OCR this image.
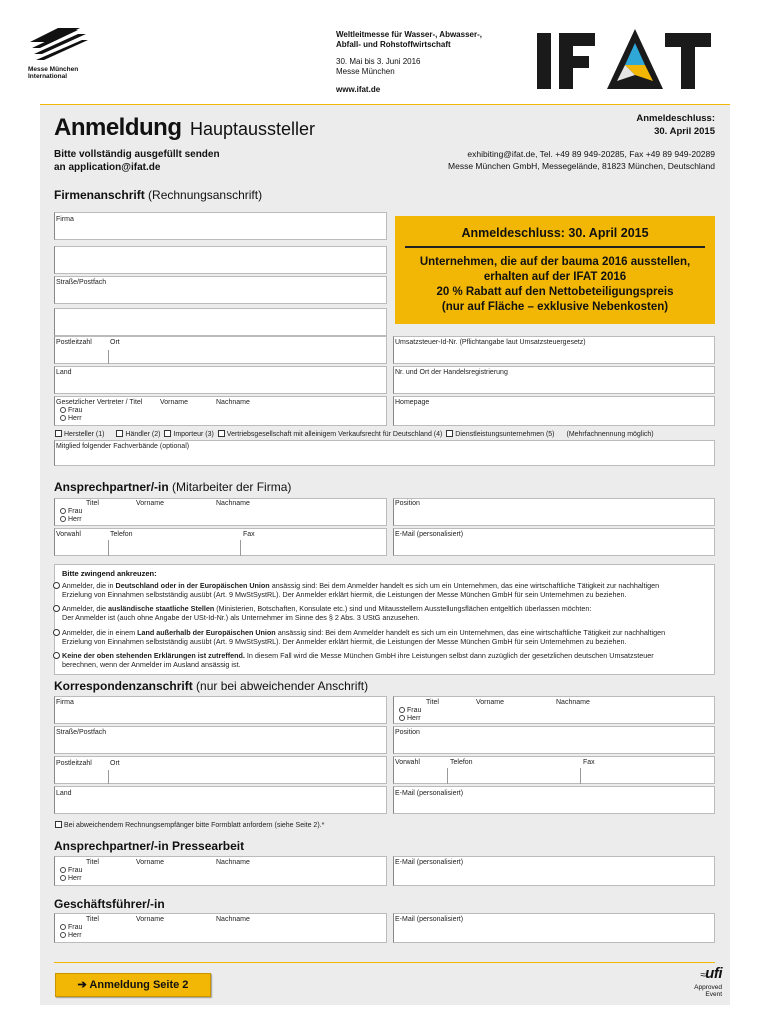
Messe München
International
Weltleitmesse für Wasser-, Abwasser-,
Abfall- und Rohstoffwirtschaft
30. Mai bis 3. Juni 2016
Messe München
www.ifat.de
Anmeldung Hauptaussteller
Anmeldeschluss:
30. April 2015
Bitte vollständig ausgefüllt senden
an application@ifat.de
exhibiting@ifat.de, Tel. +49 89 949-20285, Fax +49 89 949-20289
Messe München GmbH, Messegelände, 81823 München, Deutschland
Firmenanschrift (Rechnungsanschrift)
Firma
Straße/Postfach
Anmeldeschluss: 30. April 2015
Unternehmen, die auf der bauma 2016 ausstellen,
erhalten auf der IFAT 2016
20 % Rabatt auf den Nettobeteiligungspreis
(nur auf Fläche – exklusive Nebenkosten)
Postleitzahl	Ort	Umsatzsteuer-Id-Nr. (Pflichtangabe laut Umsatzsteuergesetz)
Land	Nr. und Ort der Handelsregistrierung
Gesetzlicher Vertreter / Titel	Vorname	Nachname
Frau
Herr
Homepage
Hersteller (1)	Händler (2) Importeur (3) Vertriebsgesellschaft mit alleinigem Verkaufsrecht für Deutschland (4) Dienstleistungsunternehmen (5) (Mehrfachnennung möglich)
Mitglied folgender Fachverbände (optional)
Ansprechpartner/-in (Mitarbeiter der Firma)
Titel	Vorname	Nachname
Frau
Herr
Position
Vorwahl	Telefon	Fax	E-Mail (personalisiert)
Bitte zwingend ankreuzen:
Anmelder, die in Deutschland oder in der Europäischen Union ansässig sind: Bei dem Anmelder handelt es sich um ein Unternehmen, das eine wirtschaftliche Tätigkeit zur nachhaltigen
Erzielung von Einnahmen selbstständig ausübt (Art. 9 MwStSystRL). Der Anmelder erklärt hiermit, die Leistungen der Messe München GmbH für sein Unternehmen zu beziehen.
Anmelder, die ausländische staatliche Stellen (Ministerien, Botschaften, Konsulate etc.) sind und Mitausstellern Ausstellungsflächen entgeltlich überlassen möchten:
Der Anmelder ist (auch ohne Angabe der USt-Id-Nr.) als Unternehmer im Sinne des § 2 Abs. 3 UStG anzusehen.
Anmelder, die in einem Land außerhalb der Europäischen Union ansässig sind: Bei dem Anmelder handelt es sich um ein Unternehmen, das eine wirtschaftliche Tätigkeit zur nachhaltigen
Erzielung von Einnahmen selbstständig ausübt (Art. 9 MwStSystRL). Der Anmelder erklärt hiermit, die Leistungen der Messe München GmbH für sein Unternehmen zu beziehen.
Keine der oben stehenden Erklärungen ist zutreffend. In diesem Fall wird die Messe München GmbH ihre Leistungen selbst dann zuzüglich der gesetzlichen deutschen Umsatzsteuer
berechnen, wenn der Anmelder im Ausland ansässig ist.
Korrespondenzanschrift (nur bei abweichender Anschrift)
Firma	Titel	Vorname	Nachname
Frau
Herr
Straße/Postfach	Position
Postleitzahl	Ort	Vorwahl	Telefon	Fax
Land	E-Mail (personalisiert)
Bei abweichendem Rechnungsempfänger bitte Formblatt anfordern (siehe Seite 2).*
Ansprechpartner/-in Pressearbeit
Titel	Vorname	Nachname
Frau
Herr
E-Mail (personalisiert)
Geschäftsführer/-in
Titel	Vorname	Nachname
Frau
Herr
E-Mail (personalisiert)
➔ Anmeldung Seite 2
≈ufi
Approved
Event
